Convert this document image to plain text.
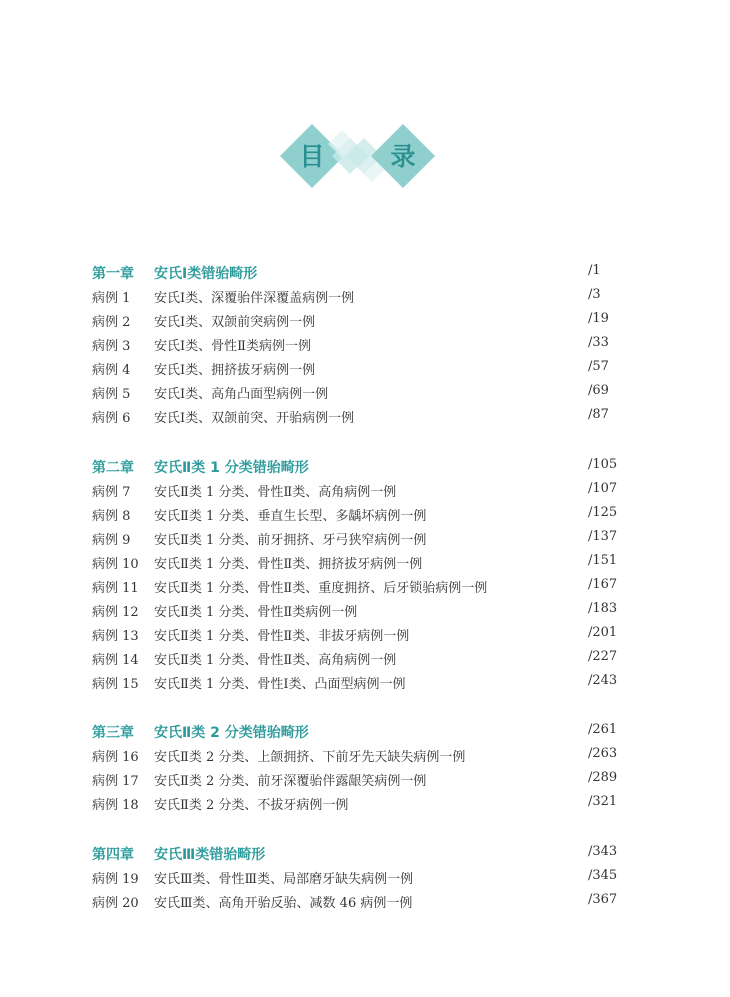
目	录
第一章 安氏Ⅰ类错骀畸形	/1
病例 1 安氏Ⅰ类、深覆骀伴深覆盖病例一例	/3
病例 2 安氏Ⅰ类、双颌前突病例一例	/19
病例 3 安氏Ⅰ类、骨性Ⅱ类病例一例	/33
病例 4 安氏Ⅰ类、拥挤拔牙病例一例	/57
病例 5 安氏Ⅰ类、高角凸面型病例一例	/69
病例 6 安氏Ⅰ类、双颌前突、开骀病例一例	/87
第二章 安氏Ⅱ类 1 分类错骀畸形	/105
病例 7 安氏Ⅱ类 1 分类、骨性Ⅱ类、高角病例一例	/107
病例 8 安氏Ⅱ类 1 分类、垂直生长型、多龋坏病例一例	/125
病例 9 安氏Ⅱ类 1 分类、前牙拥挤、牙弓狭窄病例一例	/137
病例 10 安氏Ⅱ类 1 分类、骨性Ⅱ类、拥挤拔牙病例一例	/151
病例 11 安氏Ⅱ类 1 分类、骨性Ⅱ类、重度拥挤、后牙锁骀病例一例	/167
病例 12 安氏Ⅱ类 1 分类、骨性Ⅱ类病例一例	/183
病例 13 安氏Ⅱ类 1 分类、骨性Ⅱ类、非拔牙病例一例	/201
病例 14 安氏Ⅱ类 1 分类、骨性Ⅱ类、高角病例一例	/227
病例 15 安氏Ⅱ类 1 分类、骨性Ⅰ类、凸面型病例一例	/243
第三章 安氏Ⅱ类 2 分类错骀畸形	/261
病例 16 安氏Ⅱ类 2 分类、上颌拥挤、下前牙先天缺失病例一例	/263
病例 17 安氏Ⅱ类 2 分类、前牙深覆骀伴露龈笑病例一例	/289
病例 18 安氏Ⅱ类 2 分类、不拔牙病例一例	/321
第四章 安氏Ⅲ类错骀畸形	/343
病例 19 安氏Ⅲ类、骨性Ⅲ类、局部磨牙缺失病例一例	/345
病例 20 安氏Ⅲ类、高角开骀反骀、减数 46 病例一例	/367
